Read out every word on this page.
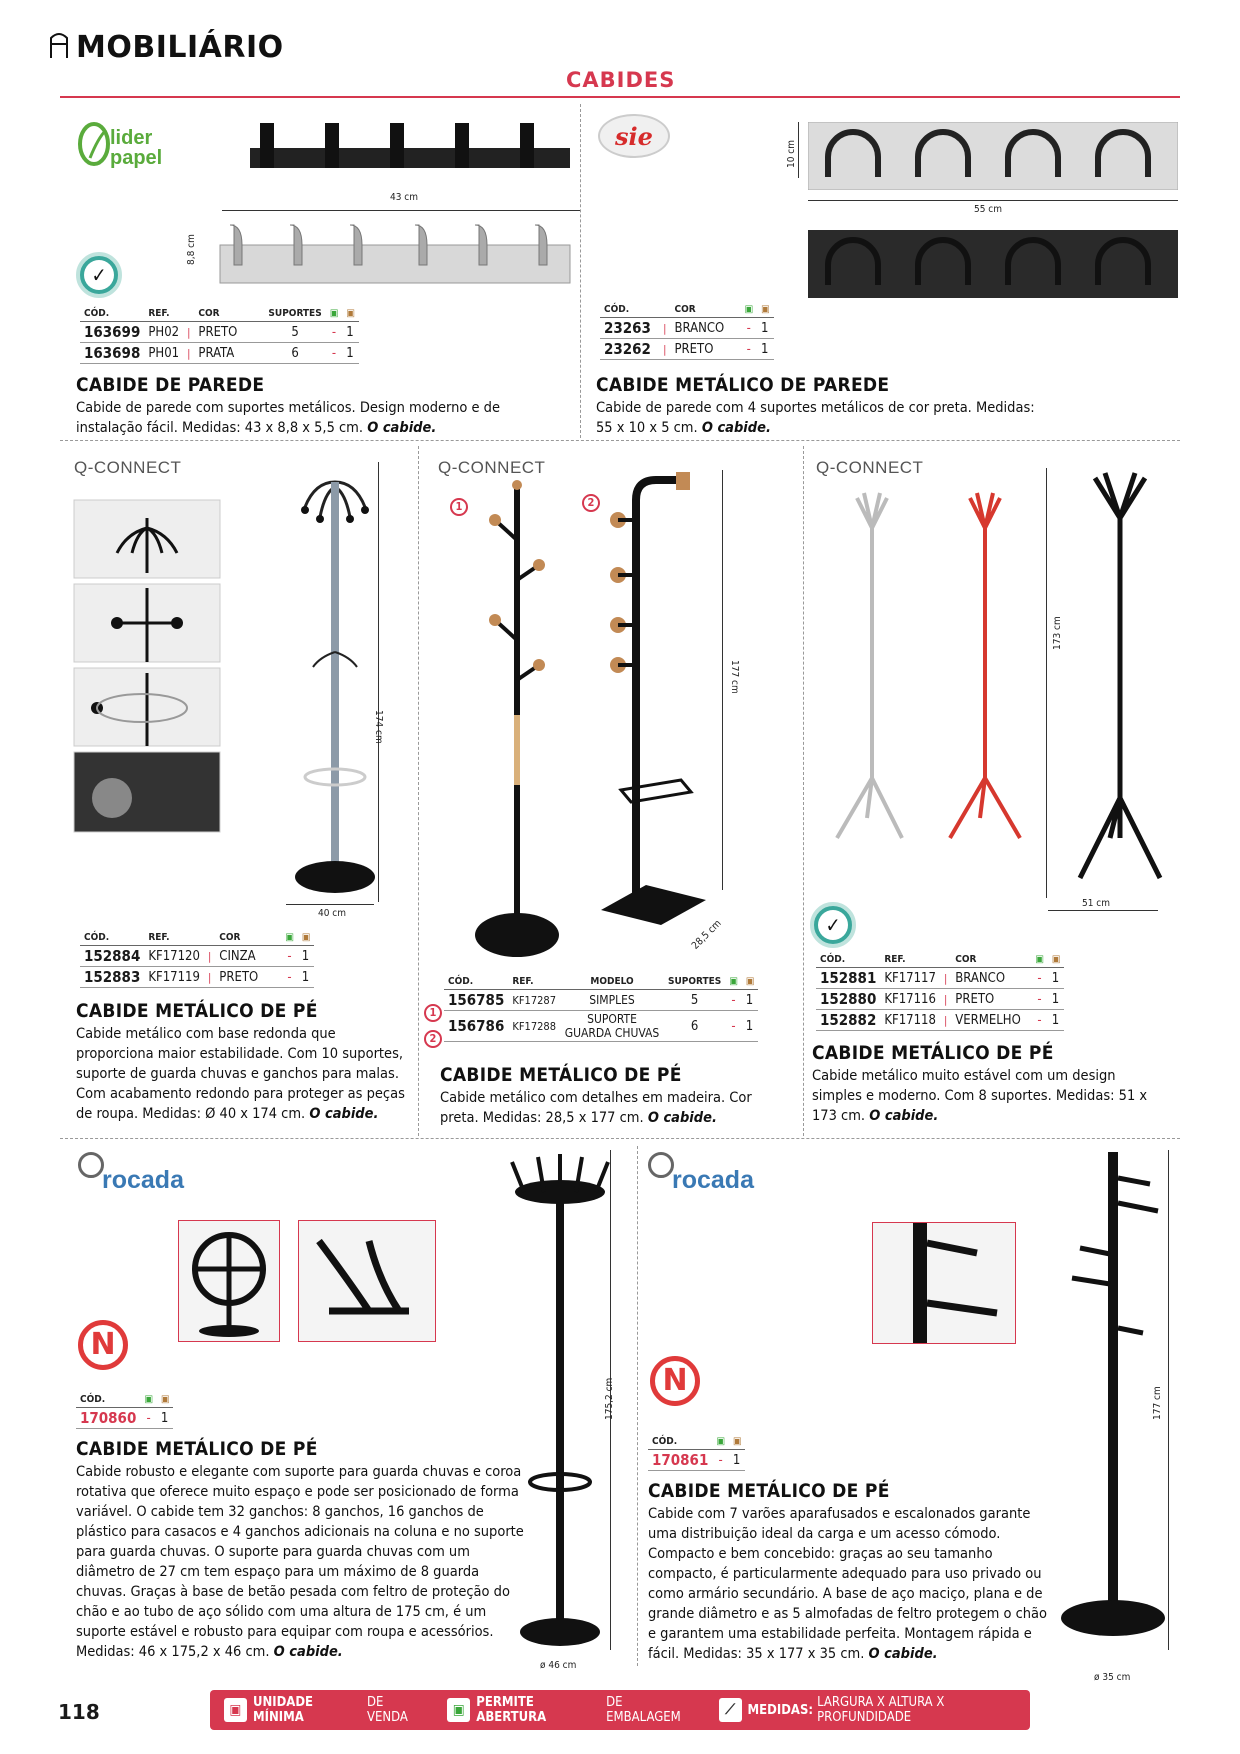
MOBILIÁRIO
CABIDES
lider papel
43 cm
8,8 cm
✓
CÓD.	REF.		COR	SUPORTES	▣	▣
163699	PH02	|	PRETO	5	-	1
163698	PH01	|	PRATA	6	-	1
CABIDE DE PAREDE
Cabide de parede com suportes metálicos. Design moderno e de instalação fácil. Medidas: 43 x 8,8 x 5,5 cm. O cabide.
sie
10 cm
55 cm
CÓD.		COR	▣	▣
23263	|	BRANCO	-	1
23262	|	PRETO	-	1
CABIDE METÁLICO DE PAREDE
Cabide de parede com 4 suportes metálicos de cor preta. Medidas: 55 x 10 x 5 cm. O cabide.
Q-CONNECT
174 cm
40 cm
CÓD.	REF.		COR	▣	▣
152884	KF17120	|	CINZA	-	1
152883	KF17119	|	PRETO	-	1
CABIDE METÁLICO DE PÉ
Cabide metálico com base redonda que proporciona maior estabilidade. Com 10 suportes, suporte de guarda chuvas e ganchos para malas. Com acabamento redondo para proteger as peças de roupa. Medidas: Ø 40 x 174 cm. O cabide.
Q-CONNECT
1	2
177 cm
28,5 cm
CÓD.	REF.	MODELO	SUPORTES	▣	▣
156785	KF17287	SIMPLES	5	-	1
156786	KF17288	SUPORTE GUARDA CHUVAS	6	-	1
1
2
CABIDE METÁLICO DE PÉ
Cabide metálico com detalhes em madeira. Cor preta. Medidas: 28,5 x 177 cm. O cabide.
Q-CONNECT
173 cm
51 cm
✓
CÓD.	REF.		COR	▣	▣
152881	KF17117	|	BRANCO	-	1
152880	KF17116	|	PRETO	-	1
152882	KF17118	|	VERMELHO	-	1
CABIDE METÁLICO DE PÉ
Cabide metálico muito estável com um design simples e moderno. Com 8 suportes. Medidas: 51 x 173 cm. O cabide.
rocada
N
175,2 cm
ø 46 cm
CÓD.	▣	▣
170860	-	1
CABIDE METÁLICO DE PÉ
Cabide robusto e elegante com suporte para guarda chuvas e coroa rotativa que oferece muito espaço e pode ser posicionado de forma variável. O cabide tem 32 ganchos: 8 ganchos, 16 ganchos de plástico para casacos e 4 ganchos adicionais na coluna e no suporte para guarda chuvas. O suporte para guarda chuvas com um diâmetro de 27 cm tem espaço para um máximo de 8 guarda chuvas. Graças à base de betão pesada com feltro de proteção do chão e ao tubo de aço sólido com uma altura de 175 cm, é um suporte estável e robusto para equipar com roupa e acessórios. Medidas: 46 x 175,2 x 46 cm. O cabide.
rocada
N
177 cm
ø 35 cm
CÓD.	▣	▣
170861	-	1
CABIDE METÁLICO DE PÉ
Cabide com 7 varões aparafusados e escalonados garante uma distribuição ideal da carga e um acesso cómodo. Compacto e bem concebido: graças ao seu tamanho compacto, é particularmente adequado para uso privado ou como armário secundário. A base de aço maciço, plana e de grande diâmetro e as 5 almofadas de feltro protegem o chão e garantem uma estabilidade perfeita. Montagem rápida e fácil. Medidas: 35 x 177 x 35 cm. O cabide.
118	▣ UNIDADE MÍNIMA
DE VENDA	▣ PERMITE ABERTURA
DE EMBALAGEM	⟋ MEDIDAS: LARGURA X ALTURA X PROFUNDIDADE
